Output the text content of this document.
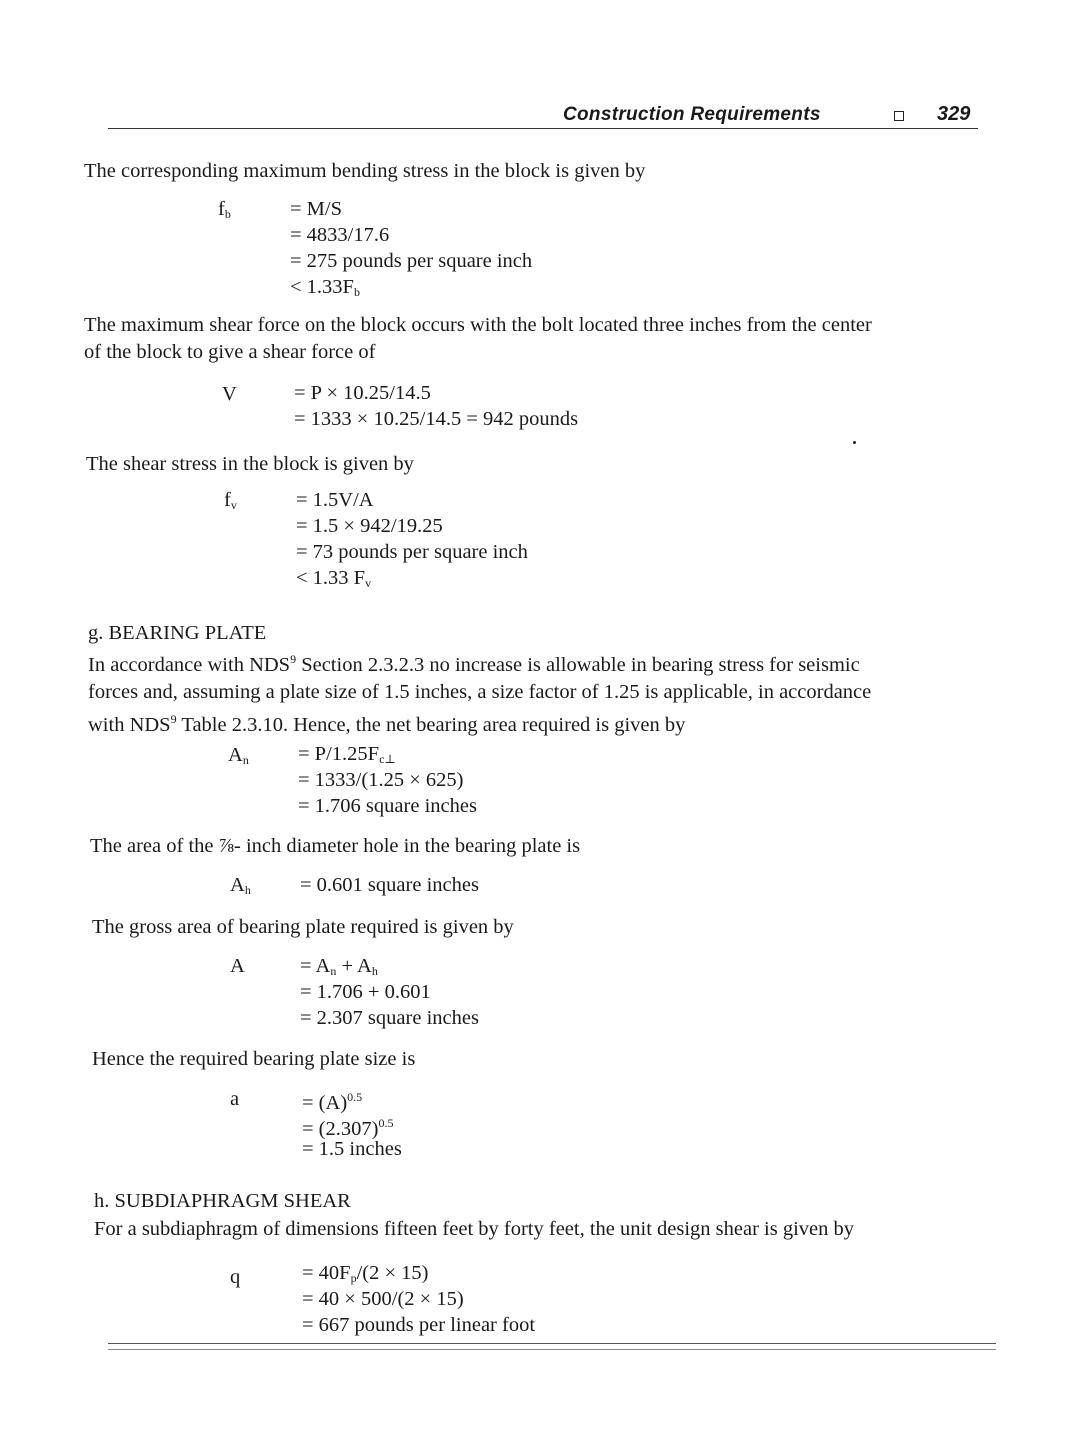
Construction Requirements	329

The corresponding maximum bending stress in the block is given by

$f_b$	= M/S
= 4833/17.6
= 275 pounds per square inch
< $1.33F_b$
The maximum shear force on the block occurs with the bolt located three inches from the center
of the block to give a shear force of
V	= P × 10.25/14.5
= 1333 × 10.25/14.5 = 942 pounds

The shear stress in the block is given by

$f_v$	= 1.5V/A
= 1.5 × 942/19.25
= 73 pounds per square inch
< 1.33 $F_v$
g. BEARING PLATE
In accordance with NDS$^9$ Section 2.3.2.3 no increase is allowable in bearing stress for seismic
forces and, assuming a plate size of 1.5 inches, a size factor of 1.25 is applicable, in accordance
with NDS$^9$ Table 2.3.10. Hence, the net bearing area required is given by
$A_n = P/1.25F_{c\perp}$
= 1333/(1.25 × 625)
= 1.706 square inches

The area of the ⅞- inch diameter hole in the bearing plate is

$A_h = 0.601$ square inches

The gross area of bearing plate required is given by

A	= $A_n + A_h$
= 1.706 + 0.601
= 2.307 square inches

Hence the required bearing plate size is

a	= $(A)^{0.5}$
= $(2.307)^{0.5}$
= 1.5 inches
h. SUBDIAPHRAGM SHEAR

For a subdiaphragm of dimensions fifteen feet by forty feet, the unit design shear is given by

q	= $40F_p/(2 \times 15)$
= 40 × 500/(2 × 15)
= 667 pounds per linear foot
